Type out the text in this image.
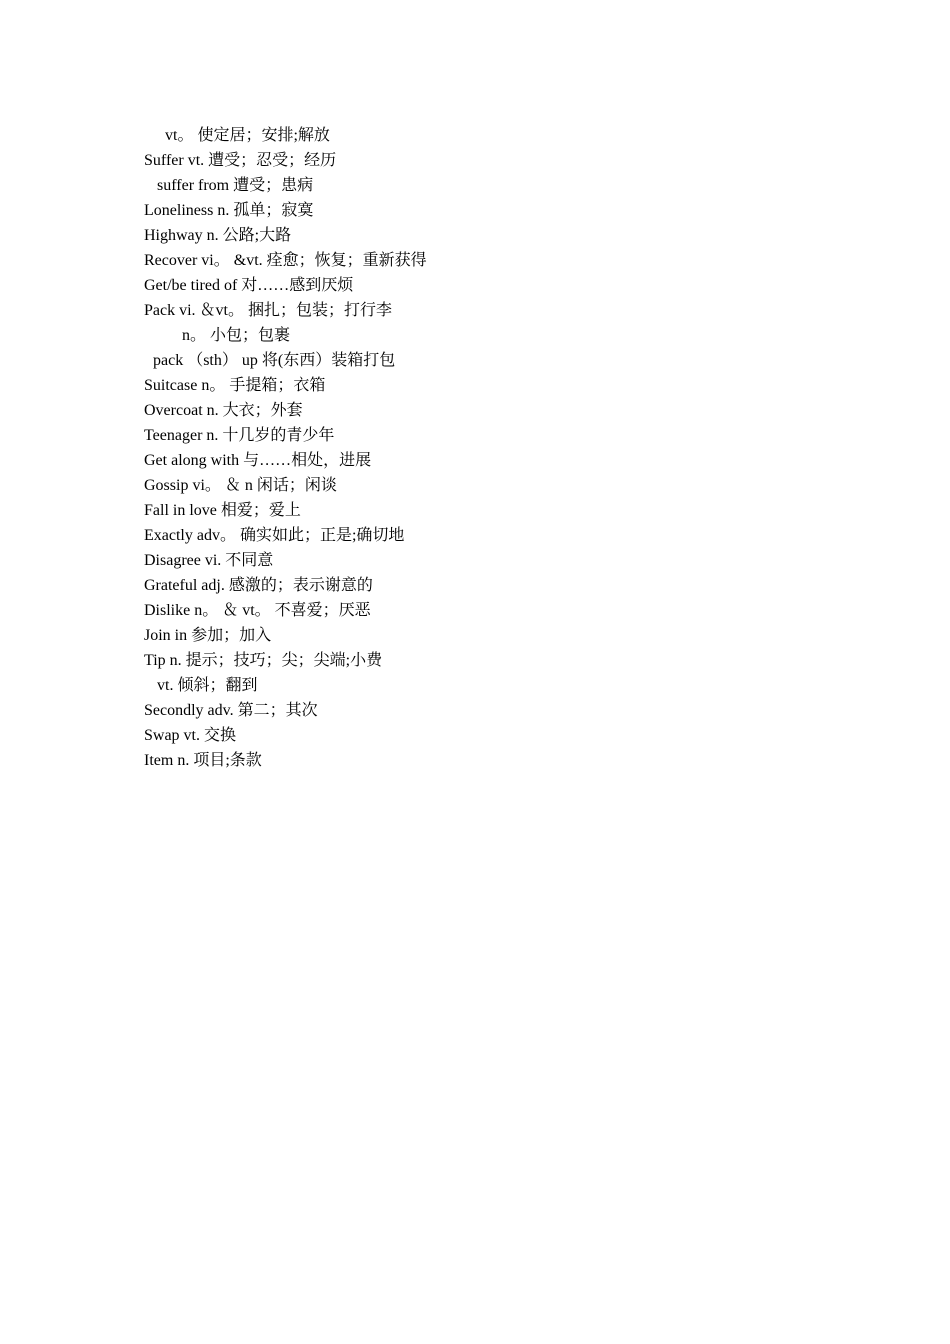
vt。 使定居；安排;解放
Suffer vt. 遭受；忍受；经历
suffer from 遭受；患病
Loneliness n. 孤单；寂寞
Highway n. 公路;大路
Recover vi。 &vt. 痊愈；恢复；重新获得
Get/be tired of 对……感到厌烦
Pack vi. ＆vt。 捆扎；包装；打行李
n。 小包；包裹
pack （sth） up 将(东西）装箱打包
Suitcase n。 手提箱；衣箱
Overcoat n. 大衣；外套
Teenager n. 十几岁的青少年
Get along with 与……相处，进展
Gossip vi。 ＆ n 闲话；闲谈
Fall in love 相爱；爱上
Exactly adv。 确实如此；正是;确切地
Disagree vi. 不同意
Grateful adj. 感激的；表示谢意的
Dislike n。 ＆ vt。 不喜爱；厌恶
Join in 参加；加入
Tip n. 提示；技巧；尖；尖端;小费
vt. 倾斜；翻到
Secondly adv. 第二；其次
Swap vt. 交换
Item n. 项目;条款
